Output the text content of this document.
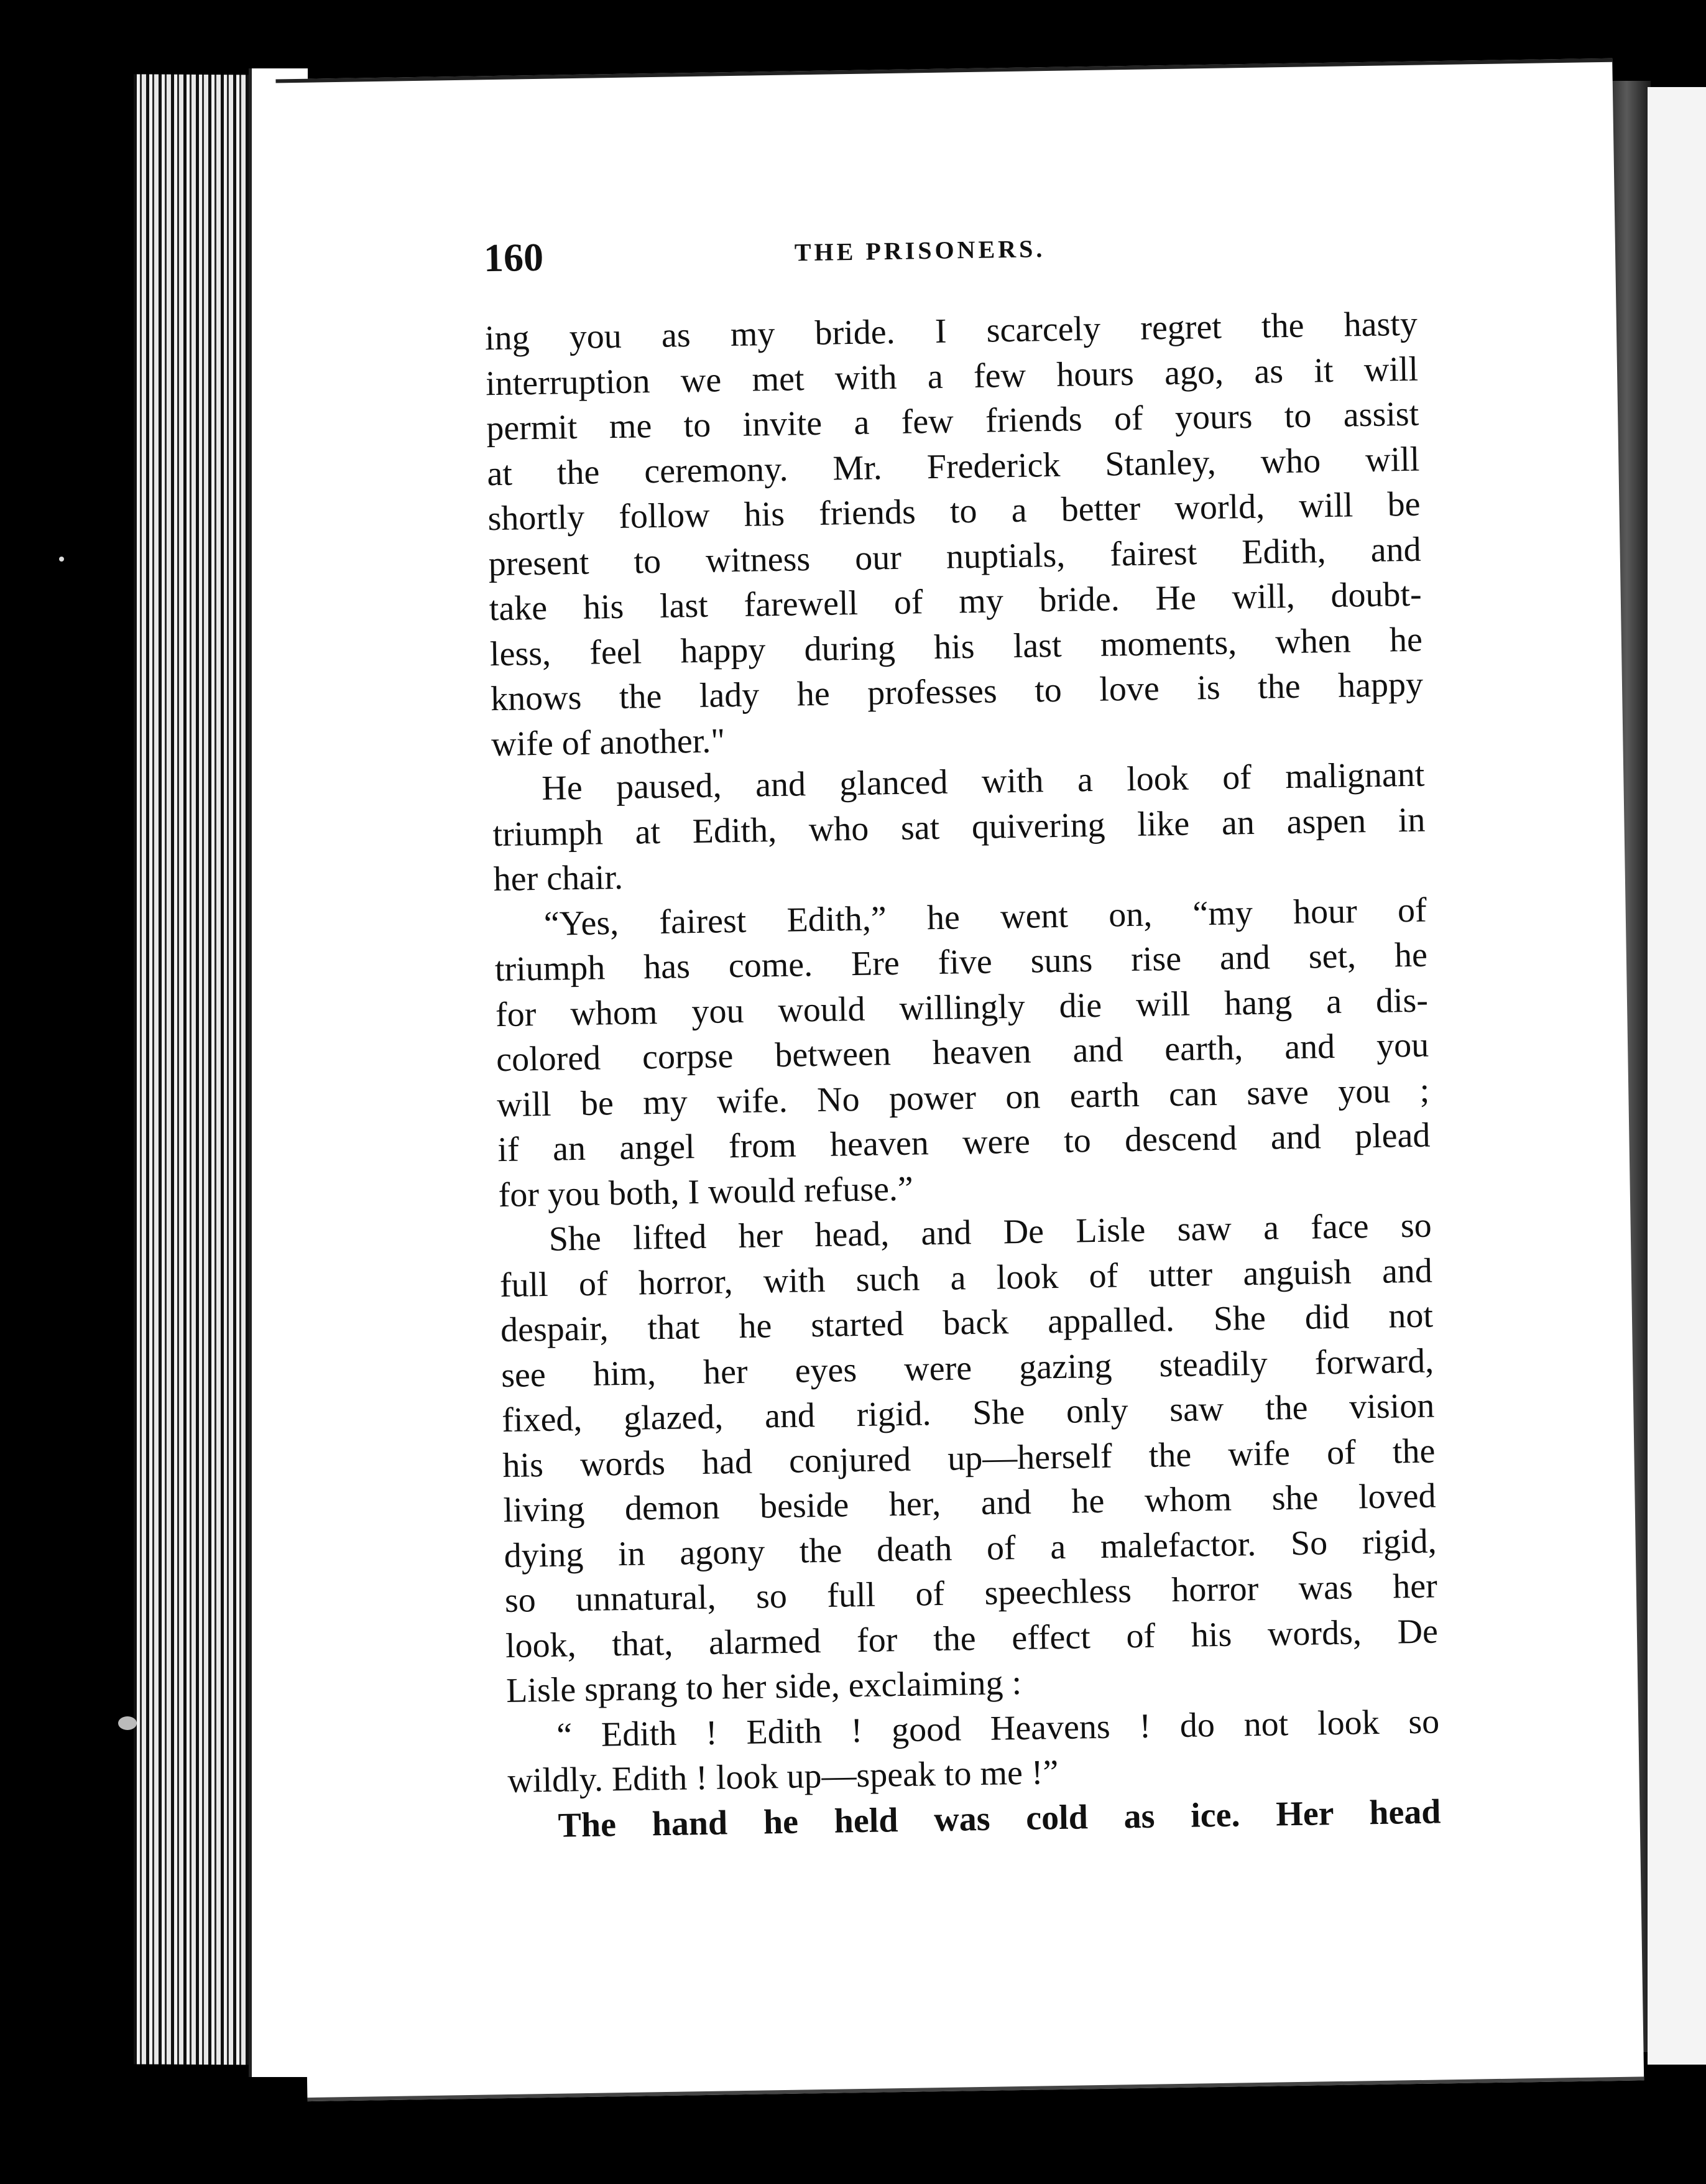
160	THE PRISONERS.
ing you as my bride. I scarcely regret the hasty
interruption we met with a few hours ago, as it will
permit me to invite a few friends of yours to assist
at the ceremony. Mr. Frederick Stanley, who will
shortly follow his friends to a better world, will be
present to witness our nuptials, fairest Edith, and
take his last farewell of my bride. He will, doubt-
less, feel happy during his last moments, when he
knows the lady he professes to love is the happy
wife of another."
He paused, and glanced with a look of malignant
triumph at Edith, who sat quivering like an aspen in
her chair.
“Yes, fairest Edith,” he went on, “my hour of
triumph has come. Ere five suns rise and set, he
for whom you would willingly die will hang a dis-
colored corpse between heaven and earth, and you
will be my wife. No power on earth can save you ;
if an angel from heaven were to descend and plead
for you both, I would refuse.”
She lifted her head, and De Lisle saw a face so
full of horror, with such a look of utter anguish and
despair, that he started back appalled. She did not
see him, her eyes were gazing steadily forward,
fixed, glazed, and rigid. She only saw the vision
his words had conjured up—herself the wife of the
living demon beside her, and he whom she loved
dying in agony the death of a malefactor. So rigid,
so unnatural, so full of speechless horror was her
look, that, alarmed for the effect of his words, De
Lisle sprang to her side, exclaiming :
“ Edith ! Edith ! good Heavens ! do not look so
wildly. Edith ! look up—speak to me !”
The hand he held was cold as ice. Her head
